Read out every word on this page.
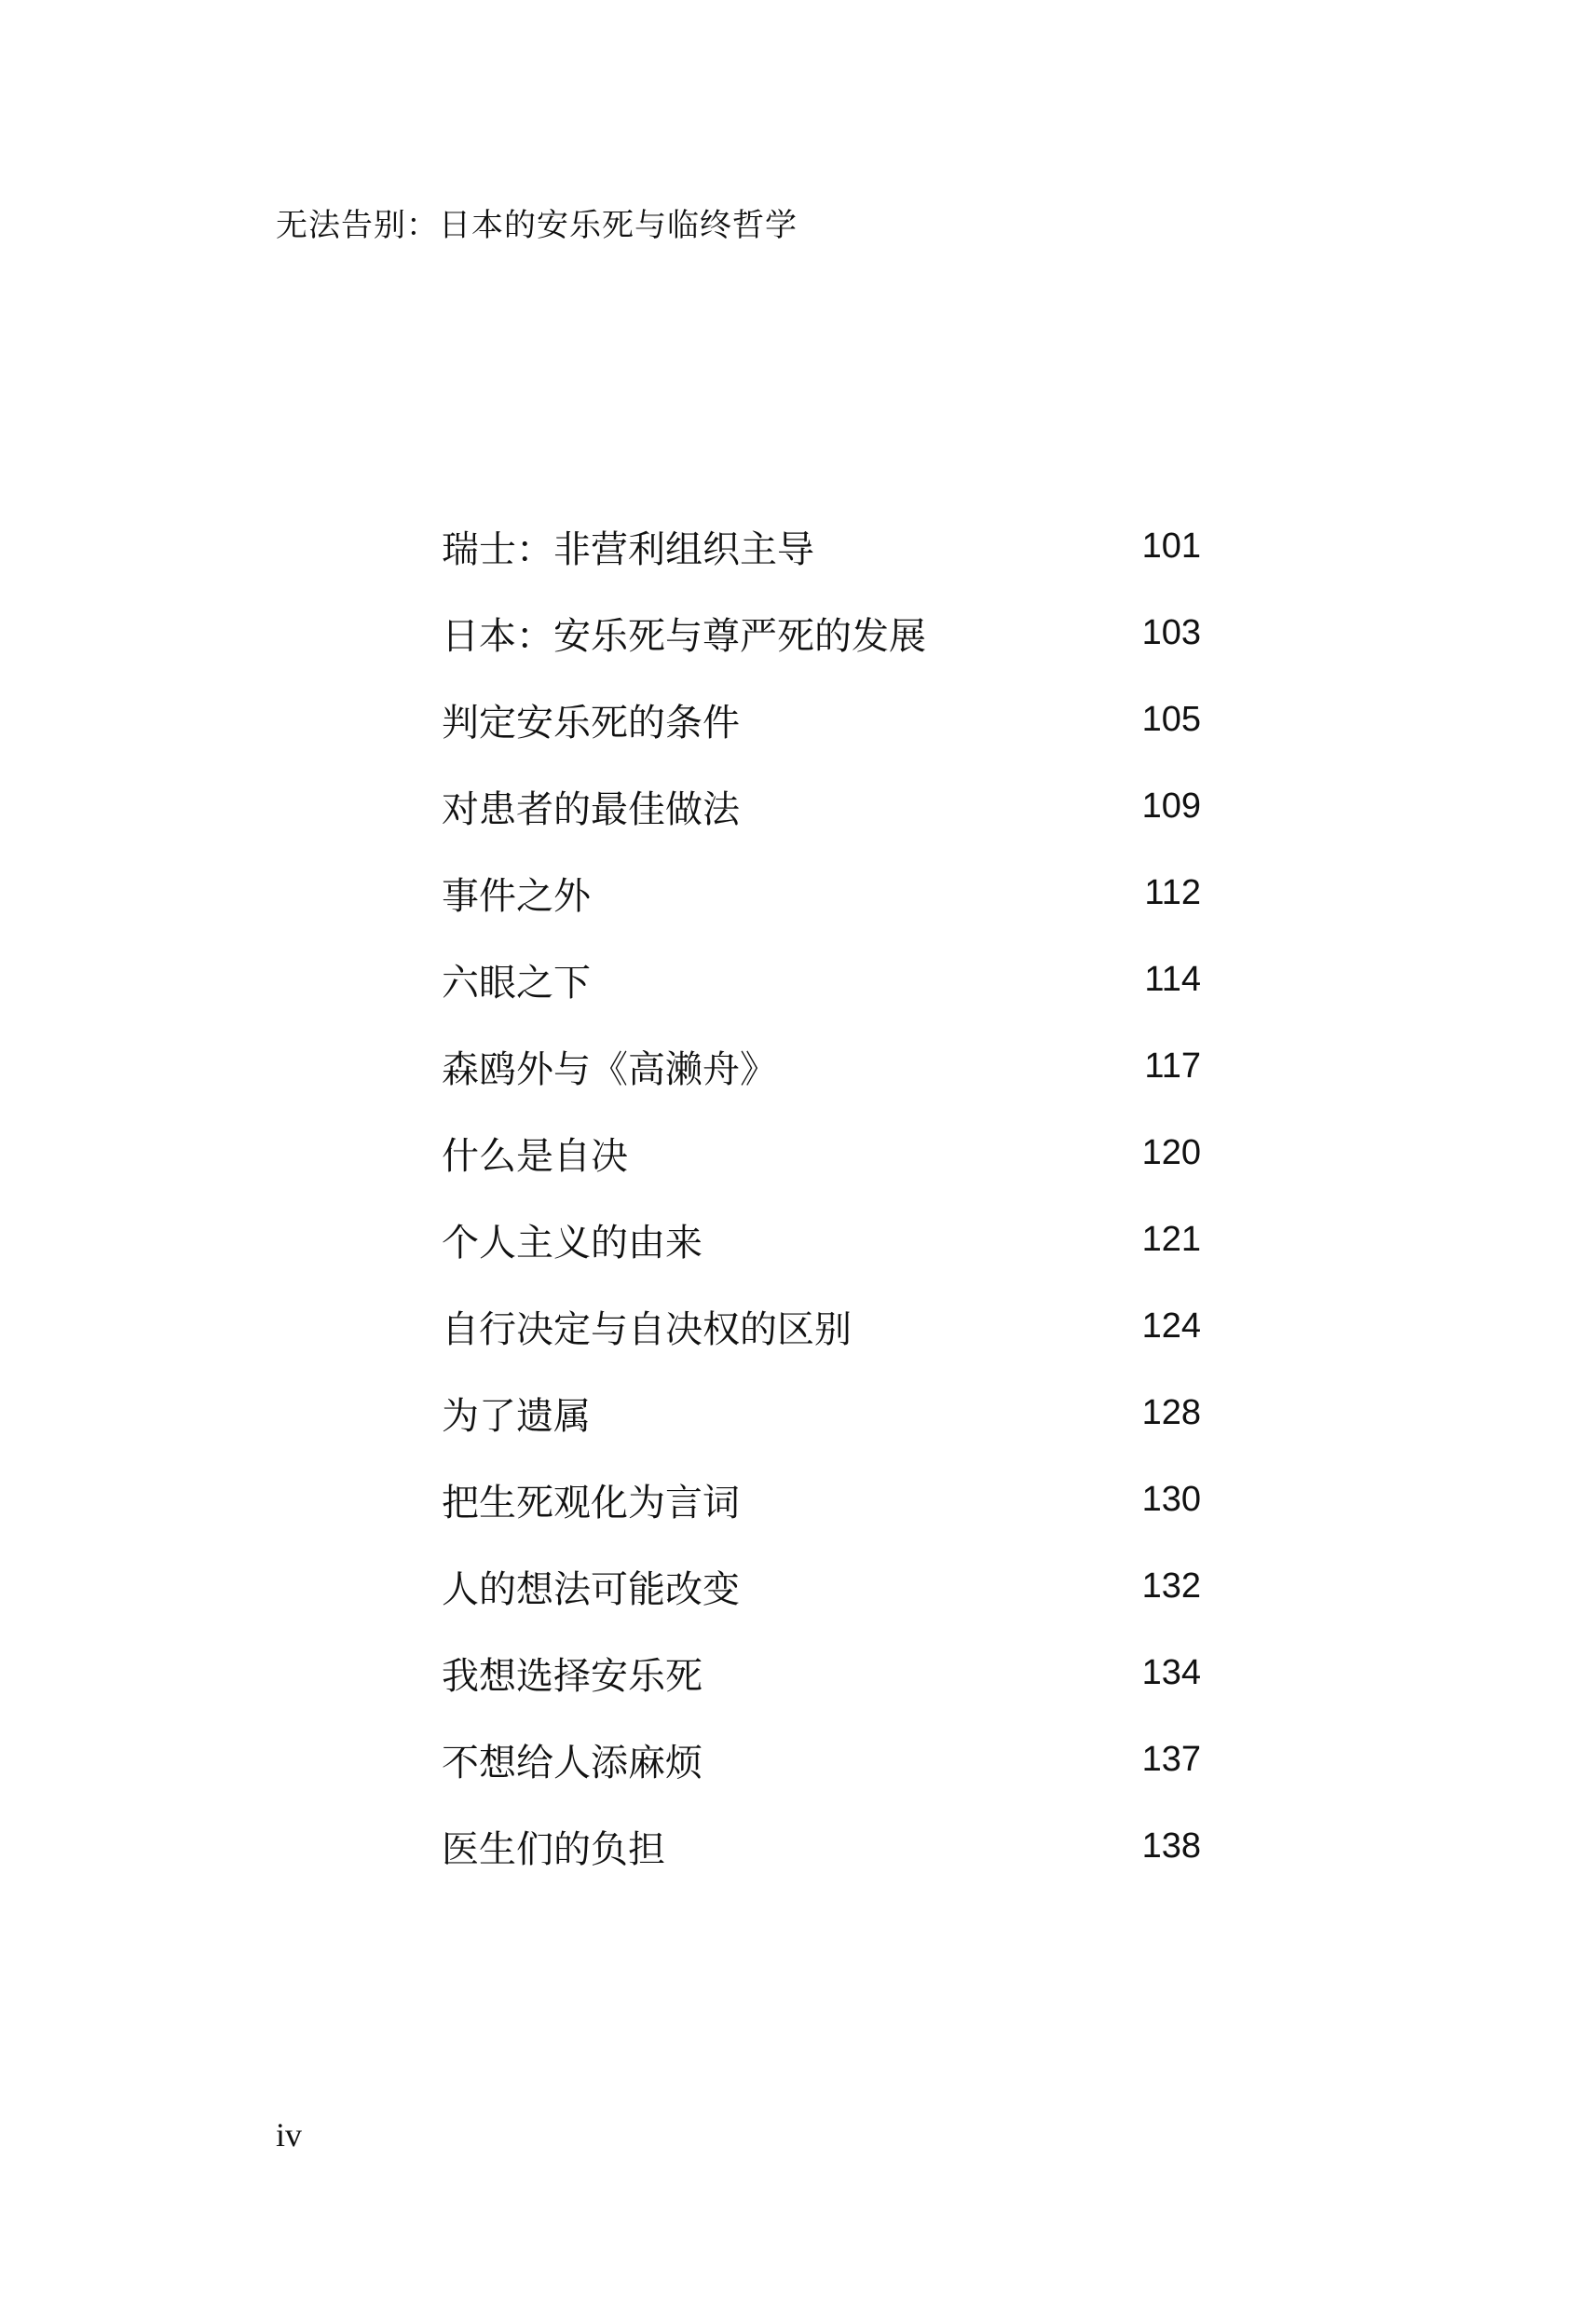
无法告别：日本的安乐死与临终哲学
瑞士：非营利组织主导	101
日本：安乐死与尊严死的发展	103
判定安乐死的条件	105
对患者的最佳做法	109
事件之外	112
六眼之下	114
森鸥外与《高濑舟》	117
什么是自决	120
个人主义的由来	121
自行决定与自决权的区别	124
为了遗属	128
把生死观化为言词	130
人的想法可能改变	132
我想选择安乐死	134
不想给人添麻烦	137
医生们的负担	138
iv
